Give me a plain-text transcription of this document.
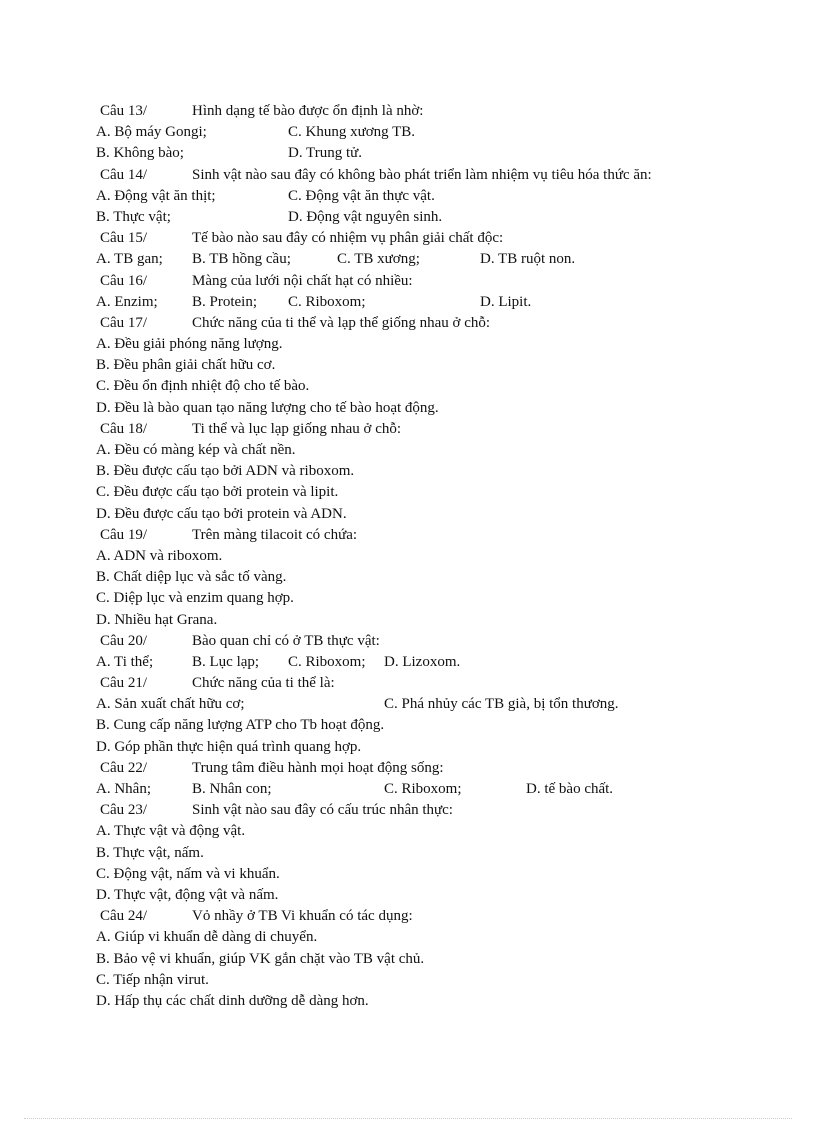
Câu 13/	Hình dạng tế bào được ổn định là nhờ:
A. Bộ máy Gongi;	C. Khung xương TB.
B. Không bào;	D. Trung tử.
Câu 14/	Sinh vật nào sau đây có không bào phát triển làm nhiệm vụ tiêu hóa thức ăn:
A. Động vật ăn thịt;	C. Động vật ăn thực vật.
B. Thực vật;	D. Động vật nguyên sinh.
Câu 15/	Tế bào nào sau đây có nhiệm vụ phân giải chất độc:
A. TB gan; B. TB hồng cầu;	C. TB xương;	D. TB ruột non.
Câu 16/	Màng của lưới nội chất hạt có nhiều:
A. Enzim; B. Protein; C. Riboxom;	D. Lipit.
Câu 17/	Chức năng của ti thể và lạp thể giống nhau ở chỗ:
A. Đều giải phóng năng lượng.
B. Đều phân giải chất hữu cơ.
C. Đều ổn định nhiệt độ cho tế bào.
D. Đều là bào quan tạo năng lượng cho tế bào hoạt động.
Câu 18/	Ti thể và lục lạp giống nhau ở chỗ:
A. Đều có màng kép và chất nền.
B. Đều được cấu tạo bởi ADN và riboxom.
C. Đều được cấu tạo bởi protein và lipit.
D. Đều được cấu tạo bởi protein và ADN.
Câu 19/	Trên màng tilacoit có chứa:
A. ADN và riboxom.
B. Chất diệp lục và sắc tố vàng.
C. Diệp lục và enzim quang hợp.
D. Nhiều hạt Grana.
Câu 20/	Bào quan chỉ có ở TB thực vật:
A. Ti thể;	B. Lục lạp; C. Riboxom; D. Lizoxom.
Câu 21/	Chức năng của ti thể là:
A. Sản xuất chất hữu cơ;	C. Phá nhủy các TB già, bị tổn thương.
B. Cung cấp năng lượng ATP cho Tb hoạt động.
D. Góp phần thực hiện quá trình quang hợp.
Câu 22/	Trung tâm điều hành mọi hoạt động sống:
A. Nhân;	B. Nhân con;	C. Riboxom;	D. tế bào chất.
Câu 23/	Sinh vật nào sau đây có cấu trúc nhân thực:
A. Thực vật và động vật.
B. Thực vật, nấm.
C. Động vật, nấm và vi khuẩn.
D. Thực vật, động vật và nấm.
Câu 24/	Vỏ nhầy ở TB Vi khuẩn có tác dụng:
A. Giúp vi khuẩn dễ dàng di chuyển.
B. Bảo vệ vi khuẩn, giúp VK gắn chặt vào TB vật chủ.
C. Tiếp nhận virut.
D. Hấp thụ các chất dinh dưỡng dễ dàng hơn.
